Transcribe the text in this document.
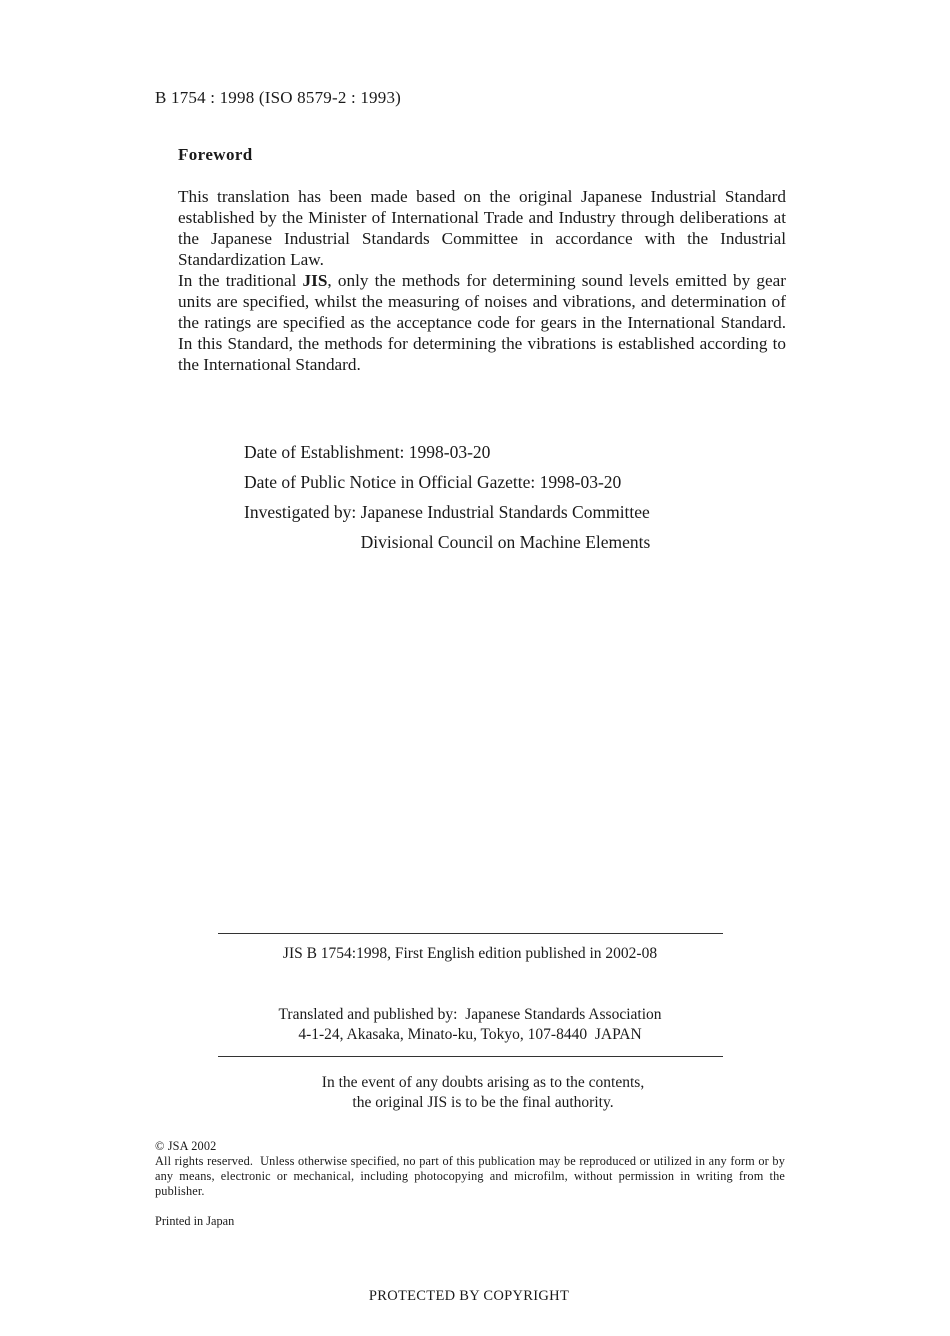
B 1754 : 1998 (ISO 8579-2 : 1993)
Foreword

This translation has been made based on the original Japanese Industrial Standard established by the Minister of International Trade and Industry through deliberations at the Japanese Industrial Standards Committee in accordance with the Industrial Standardization Law.

In the traditional JIS, only the methods for determining sound levels emitted by gear units are specified, whilst the measuring of noises and vibrations, and determination of the ratings are specified as the acceptance code for gears in the International Standard. In this Standard, the methods for determining the vibrations is established according to the International Standard.

Date of Establishment: 1998-03-20
Date of Public Notice in Official Gazette: 1998-03-20
Investigated by: Japanese Industrial Standards Committee
Divisional Council on Machine Elements
JIS B 1754:1998, First English edition published in 2002-08
Translated and published by:  Japanese Standards Association
4-1-24, Akasaka, Minato-ku, Tokyo, 107-8440  JAPAN
In the event of any doubts arising as to the contents,
the original JIS is to be the final authority.

© JSA 2002

All rights reserved.  Unless otherwise specified, no part of this publication may be reproduced or utilized in any form or by any means, electronic or mechanical, including photocopying and microfilm, without permission in writing from the publisher.

Printed in Japan
PROTECTED BY COPYRIGHT
